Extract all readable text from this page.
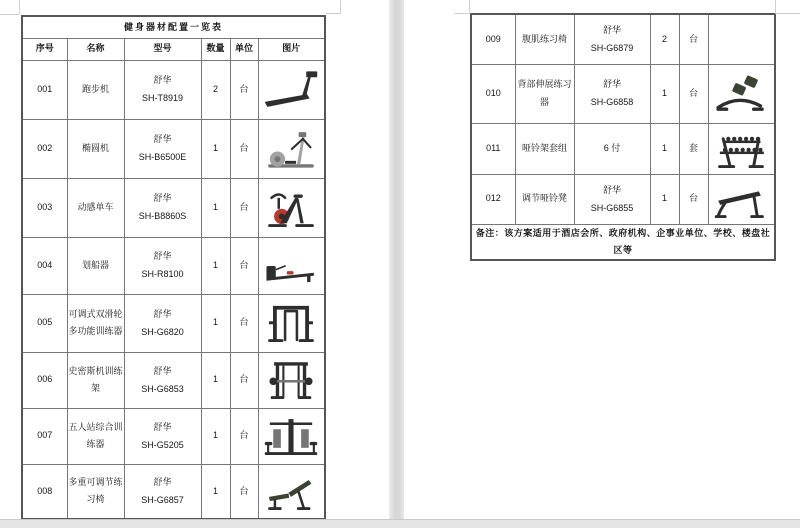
健身器材配置一览表					
序号	名称	型号	数量	单位	图片
001	跑步机	舒华
SH-T8919	2	台	

002	椭圆机	舒华
SH-B6500E	1	台	

003	动感单车	舒华
SH-B8860S	1	台	

004	划船器	舒华
SH-R8100	1	台	

005	可调式双滑轮多功能训练器	舒华
SH-G6820	1	台	

006	史密斯机训练架	舒华
SH-G6853	1	台	

007	五人站综合训练器	舒华
SH-G5205	1	台	

008	多重可调节练习椅	舒华
SH-G6857	1	台	
009	腹肌练习椅	舒华
SH-G6879	2	台	
010	背部伸展练习器	舒华
SH-G6858	1	台	

011	哑铃架套组	6 付	1	套	

012	调节哑铃凳	舒华
SH-G6855	1	台	

备注：该方案适用于酒店会所、政府机构、企事业单位、学校、楼盘社区等					
